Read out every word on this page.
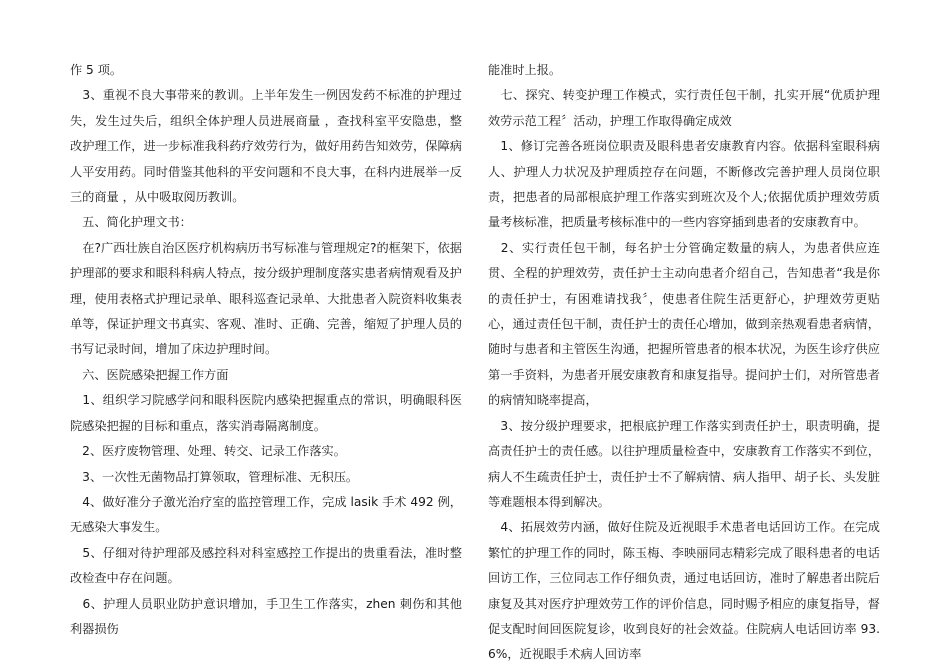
作 5 项。

　3、重视不良大事带来的教训。上半年发生一例因发药不标准的护理过失，发生过失后，组织全体护理人员进展商量 ，查找科室平安隐患，整改护理工作，进一步标准我科药疗效劳行为，做好用药告知效劳，保障病人平安用药。同时借鉴其他科的平安问题和不良大事，在科内进展举一反三的商量 ，从中吸取阅历教训。

　五、简化护理文书：

　在?广西壮族自治区医疗机构病历书写标准与管理规定?的框架下，依据护理部的要求和眼科科病人特点，按分级护理制度落实患者病情观看及护理，使用表格式护理记录单、眼科巡查记录单、大批患者入院资料收集表单等，保证护理文书真实、客观、准时、正确、完善，缩短了护理人员的书写记录时间，增加了床边护理时间。

　六、医院感染把握工作方面

　1、组织学习院感学问和眼科医院内感染把握重点的常识，明确眼科医院感染把握的目标和重点，落实消毒隔离制度。

　2、医疗废物管理、处理、转交、记录工作落实。

　3、一次性无菌物品打算领取，管理标准、无积压。

　4、做好准分子激光治疗室的监控管理工作，完成 lasik 手术 492 例，无感染大事发生。

　5、仔细对待护理部及感控科对科室感控工作提出的贵重看法，准时整改检查中存在问题。

　6、护理人员职业防护意识增加，手卫生工作落实，zhen 刺伤和其他利器损伤

能准时上报。

　七、探究、转变护理工作模式，实行责任包干制，扎实开展“优质护理效劳示范工程〞活动，护理工作取得确定成效

　1、修订完善各班岗位职责及眼科患者安康教育内容。依据科室眼科病人、护理人力状况及护理质控存在问题，不断修改完善护理人员岗位职责，把患者的局部根底护理工作落实到班次及个人;依据优质护理效劳质量考核标准，把质量考核标准中的一些内容穿插到患者的安康教育中。

　2、实行责任包干制，每名护士分管确定数量的病人，为患者供应连贯、全程的护理效劳，责任护士主动向患者介绍自己，告知患者“我是你的责任护士，有困难请找我〞，使患者住院生活更舒心，护理效劳更贴心，通过责任包干制，责任护士的责任心增加，做到亲热观看患者病情，随时与患者和主管医生沟通，把握所管患者的根本状况，为医生诊疗供应第一手资料，为患者开展安康教育和康复指导。提问护士们，对所管患者的病情知晓率提高，

　3、按分级护理要求，把根底护理工作落实到责任护士，职责明确，提高责任护士的责任感。以往护理质量检查中，安康教育工作落实不到位，病人不生疏责任护士，责任护士不了解病情、病人指甲、胡子长、头发脏等难题根本得到解决。

　4、拓展效劳内涵，做好住院及近视眼手术患者电话回访工作。在完成繁忙的护理工作的同时，陈玉梅、李映丽同志精彩完成了眼科患者的电话回访工作，三位同志工作仔细负责，通过电话回访，准时了解患者出院后康复及其对医疗护理效劳工作的评价信息，同时赐予相应的康复指导，督促支配时间回医院复诊，收到良好的社会效益。住院病人电话回访率 93.6%，近视眼手术病人回访率
